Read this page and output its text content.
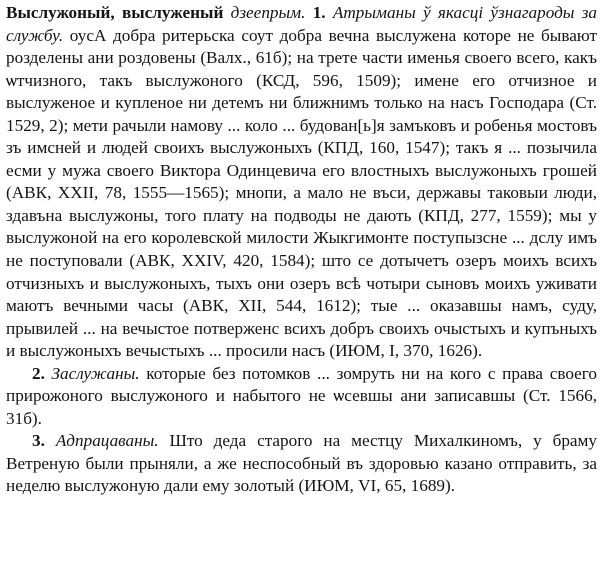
Выслужоный, выслуженый дзеепрым. 1. Атрыманы ў якасці ўзнагароды за службу. оусА добра ритерьска соут добра вечна выслужена которе не бывают розделены ани роздовены (Валх., 61б); на трете части именья своего всего, какъ ѡтчизного, такъ выслужоного (КСД, 596, 1509); имене его отчизное и выслуженое и купленое ни детемъ ни ближнимъ только на насъ Господара (Ст. 1529, 2); мети рачыли намову ... коло ... будован[ь]я замъковъ и робенья мостовъ зъ имсней и людей своихъ выслужоныхъ (КПД, 160, 1547); такъ я ... позычила есми у мужа своего Виктора Одинцевича его влостныхъ выслужоныхъ грошей (АВК, XXII, 78, 1555—1565); мнопи, а мало не въси, державы таковыи люди, здавъна выслужоны, того плату на подводы не дають (КПД, 277, 1559); мы у выслужоной на его королевской милости Жыкгимонте поступызсне ... дслу имъ не поступовали (АВК, XXIV, 420, 1584); што се дотычетъ озеръ моихъ всихъ отчизныхъ и выслужоныхъ, тыхъ они озеръ всѣ чотыри сыновъ моихъ уживати маютъ вечными часы (АВК, XII, 544, 1612); тые ... оказавшы намъ, суду, прывилей ... на вечыстое потверженс всихъ добръ своихъ очыстыхъ и купъныхъ и выслужоныхъ вечыстыхъ ... просили насъ (ИЮМ, I, 370, 1626).

2. Заслужаны. которые без потомков ... зомруть ни на кого с права своего прирожоного выслужоного и набытого не ѡсевшы ани записавшы (Ст. 1566, 31б).

3. Адпрацаваны. Што деда старого на местцу Михалкиномъ, у браму Ветреную были прыняли, а же неспособный въ здоровью казано отправить, за неделю выслужоную дали ему золотый (ИЮМ, VI, 65, 1689).
